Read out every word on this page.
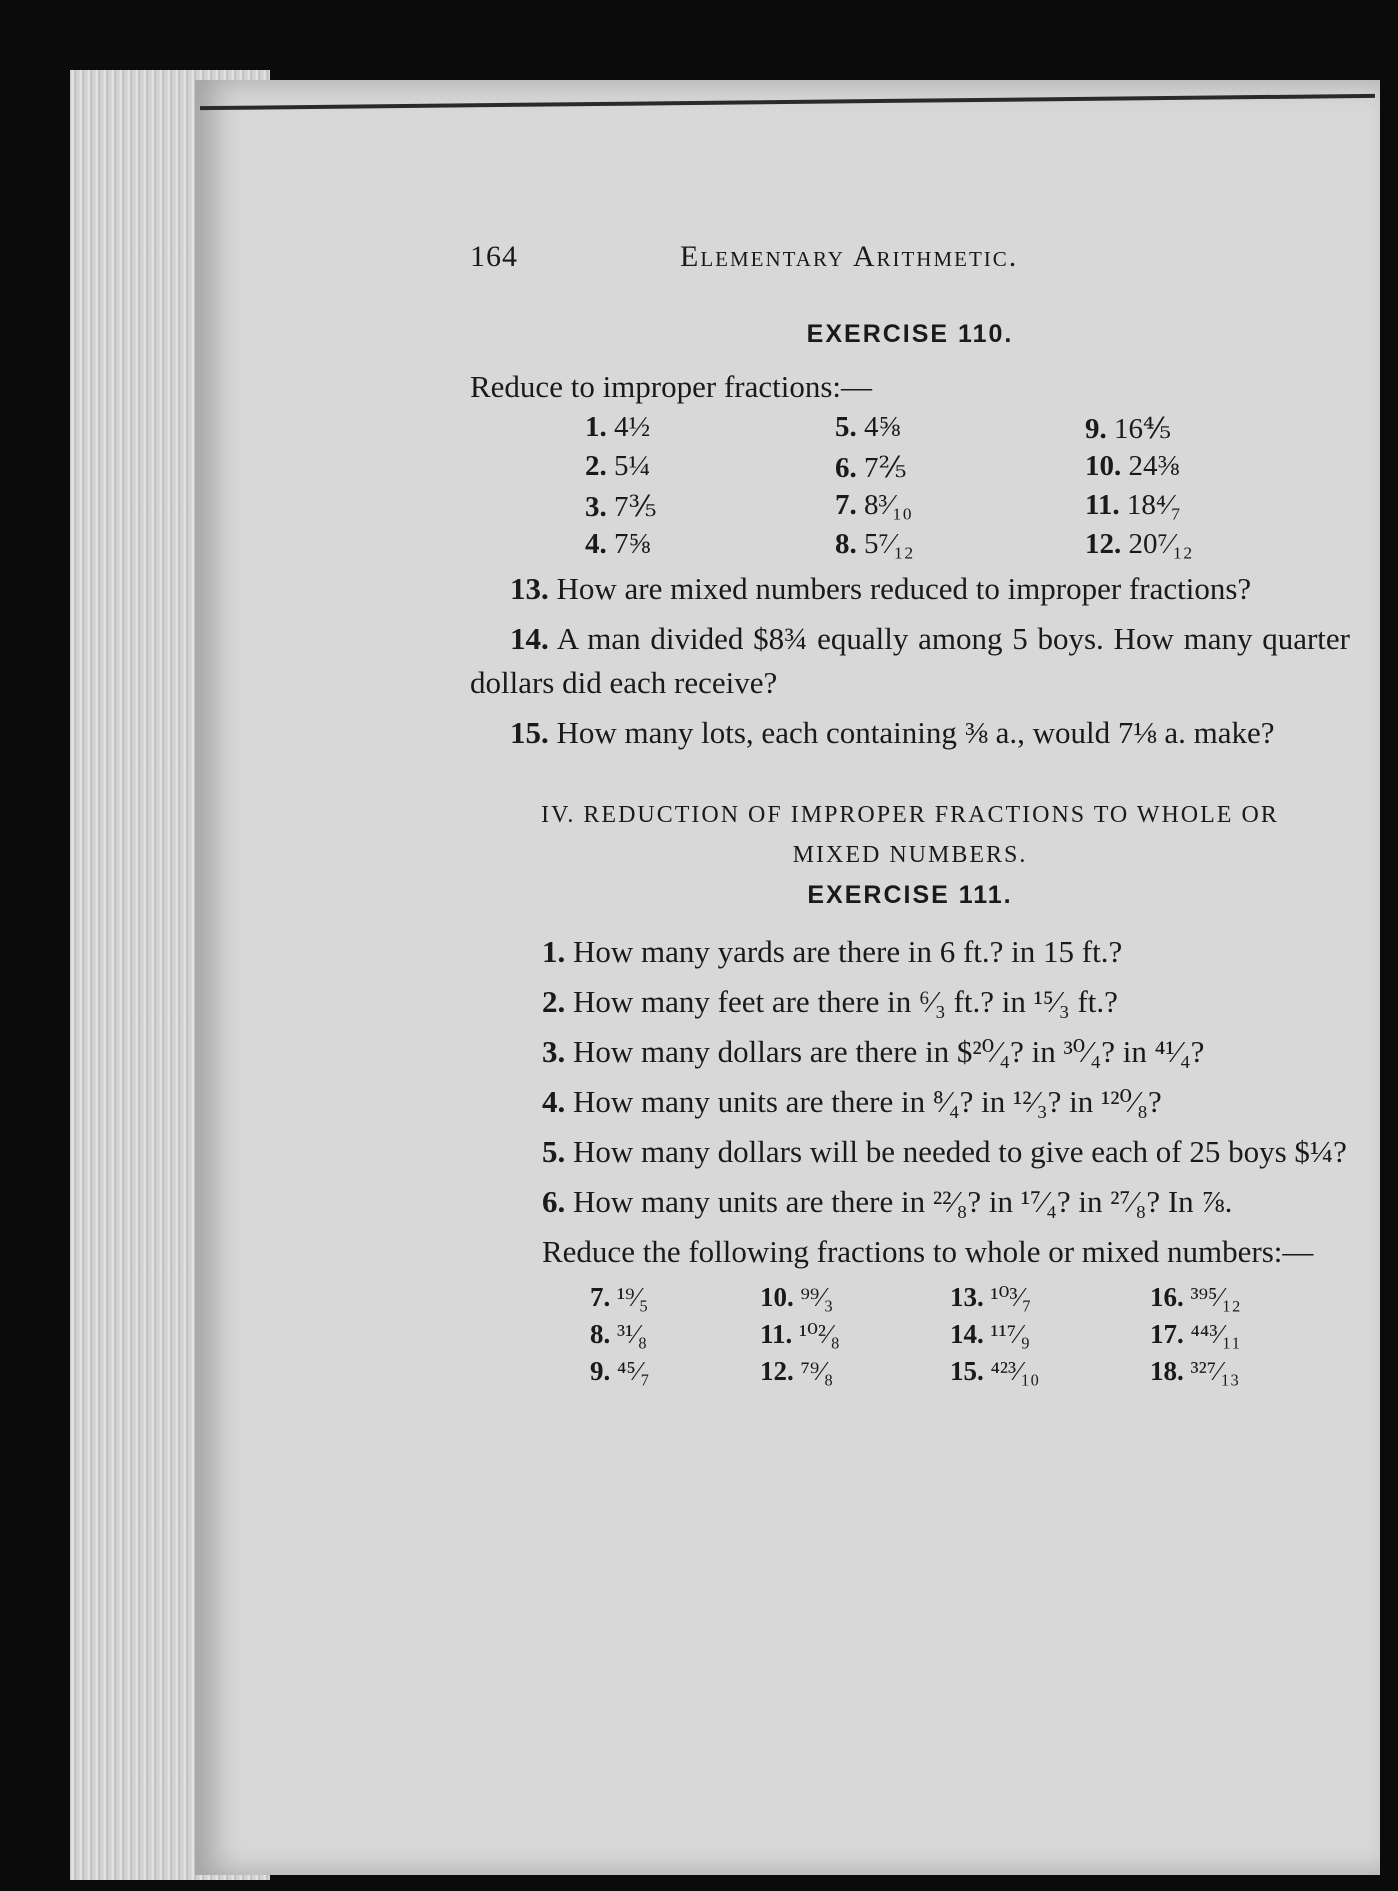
164	Elementary Arithmetic.
EXERCISE 110.
Reduce to improper fractions:—
1. 4½	5. 4⅝	9. 16⅘
2. 5¼	6. 7⅖	10. 24⅜
3. 7⅗	7. 8³⁄₁₀	11. 18⁴⁄₇
4. 7⅝	8. 5⁷⁄₁₂	12. 20⁷⁄₁₂
13. How are mixed numbers reduced to improper fractions?
14. A man divided $8¾ equally among 5 boys. How many quarter dollars did each receive?
15. How many lots, each containing ⅜ a., would 7⅛ a. make?
IV. REDUCTION OF IMPROPER FRACTIONS TO WHOLE OR
MIXED NUMBERS.
EXERCISE 111.
1. How many yards are there in 6 ft.? in 15 ft.?
2. How many feet are there in ⁶⁄₃ ft.? in ¹⁵⁄₃ ft.?
3. How many dollars are there in $²⁰⁄₄? in ³⁰⁄₄? in ⁴¹⁄₄?
4. How many units are there in ⁸⁄₄? in ¹²⁄₃? in ¹²⁰⁄₈?
5. How many dollars will be needed to give each of 25 boys $¼?
6. How many units are there in ²²⁄₈? in ¹⁷⁄₄? in ²⁷⁄₈? In ⅞.
Reduce the following fractions to whole or mixed numbers:—
7. ¹⁹⁄₅	10. ⁹⁹⁄₃	13. ¹⁰³⁄₇	16. ³⁹⁵⁄₁₂
8. ³¹⁄₈	11. ¹⁰²⁄₈	14. ¹¹⁷⁄₉	17. ⁴⁴³⁄₁₁
9. ⁴⁵⁄₇	12. ⁷⁹⁄₈	15. ⁴²³⁄₁₀	18. ³²⁷⁄₁₃
